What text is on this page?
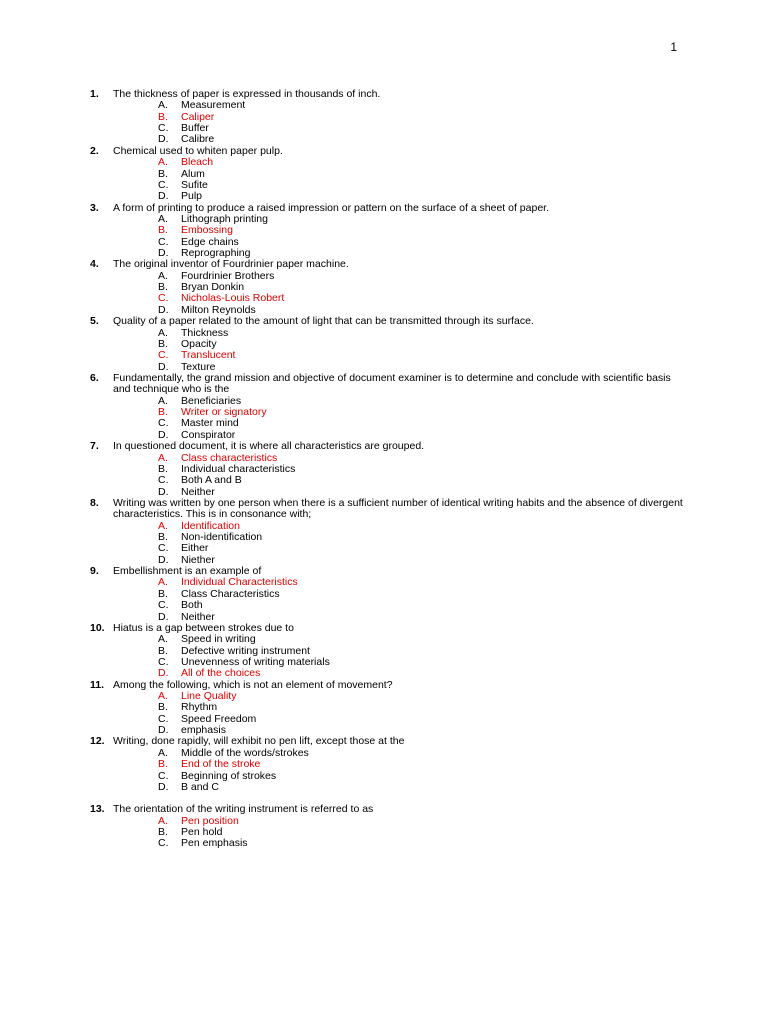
1
1.	The thickness of paper is expressed in thousands of inch.
A.	Measurement
B.	Caliper
C.	Buffer
D.	Calibre
2.	Chemical used to whiten paper pulp.
A.	Bleach
B.	Alum
C.	Sufite
D.	Pulp
3.	A form of printing to produce a raised impression or pattern on the surface of a sheet of paper.
A.	Lithograph printing
B.	Embossing
C.	Edge chains
D.	Reprographing
4.	The original inventor of Fourdrinier paper machine.
A.	Fourdrinier Brothers
B.	Bryan Donkin
C.	Nicholas-Louis Robert
D.	Milton Reynolds
5.	Quality of a paper related to the amount of light that can be transmitted through its surface.
A.	Thickness
B.	Opacity
C.	Translucent
D.	Texture
6.	Fundamentally, the grand mission and objective of document examiner is to determine and conclude with scientific basis and technique who is the
A.	Beneficiaries
B.	Writer or signatory
C.	Master mind
D.	Conspirator
7.	In questioned document, it is where all characteristics are grouped.
A.	Class characteristics
B.	Individual characteristics
C.	Both A and B
D.	Neither
8.	Writing was written by one person when there is a sufficient number of identical writing habits and the absence of divergent characteristics. This is in consonance with;
A.	Identification
B.	Non-identification
C.	Either
D.	Niether
9.	Embellishment is an example of
A.	Individual Characteristics
B.	Class Characteristics
C.	Both
D.	Neither
10. Hiatus is a gap between strokes due to
A.	Speed in writing
B.	Defective writing instrument
C.	Unevenness of writing materials
D.	All of the choices
11. Among the following, which is not an element of movement?
A.	Line Quality
B.	Rhythm
C.	Speed Freedom
D.	emphasis
12. Writing, done rapidly, will exhibit no pen lift, except those at the
A.	Middle of the words/strokes
B.	End of the stroke
C.	Beginning of strokes
D.	B and C
13. The orientation of the writing instrument is referred to as
A.	Pen position
B.	Pen hold
C.	Pen emphasis
